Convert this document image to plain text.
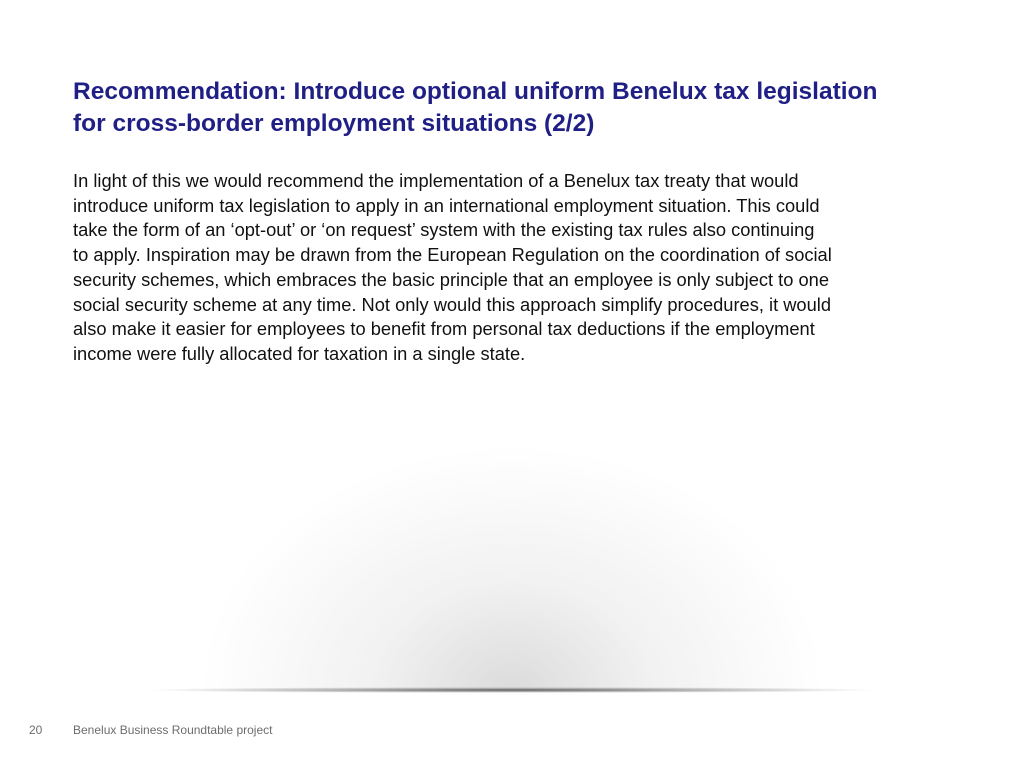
Recommendation: Introduce optional uniform Benelux tax legislation
for cross-border employment situations (2/2)
In light of this we would recommend the implementation of a Benelux tax treaty that would
introduce uniform tax legislation to apply in an international employment situation. This could
take the form of an ‘opt-out’ or ‘on request’ system with the existing tax rules also continuing
to apply. Inspiration may be drawn from the European Regulation on the coordination of social
security schemes, which embraces the basic principle that an employee is only subject to one
social security scheme at any time. Not only would this approach simplify procedures, it would
also make it easier for employees to benefit from personal tax deductions if the employment
income were fully allocated for taxation in a single state.
20	Benelux Business Roundtable project
